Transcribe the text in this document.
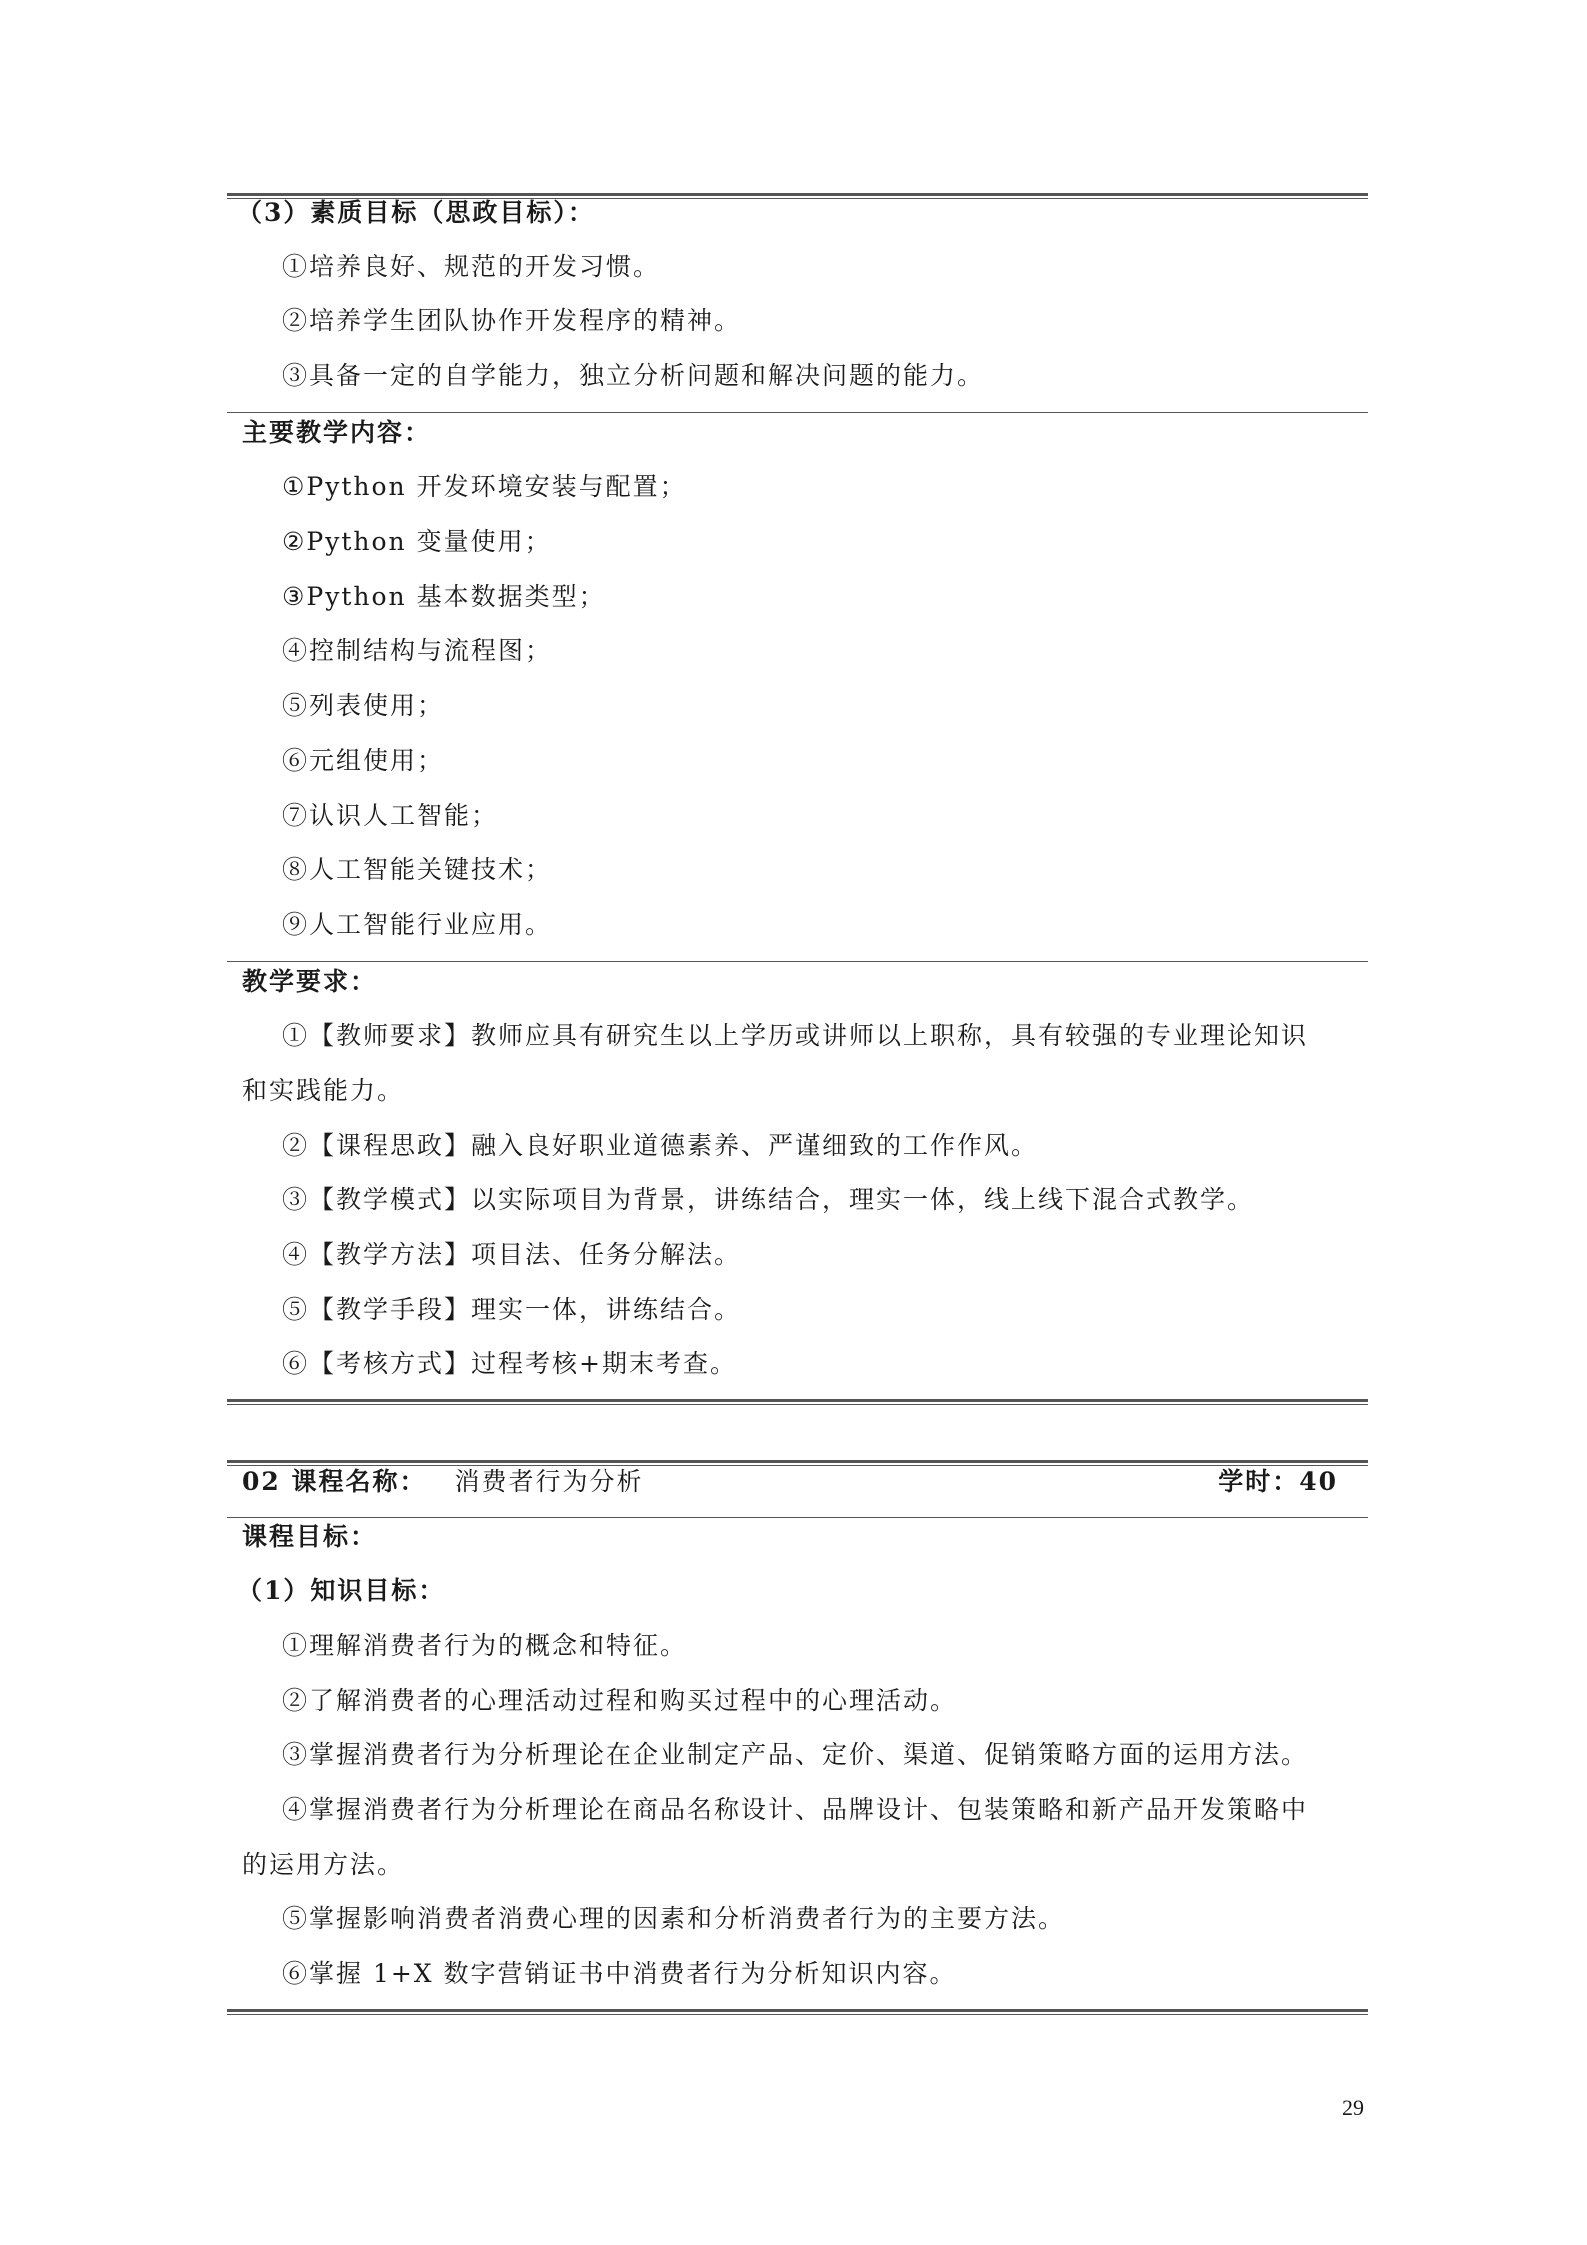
（3）素质目标（思政目标）：
①培养良好、规范的开发习惯。
②培养学生团队协作开发程序的精神。
③具备一定的自学能力，独立分析问题和解决问题的能力。
主要教学内容：
①Python 开发环境安装与配置；
②Python 变量使用；
③Python 基本数据类型；
④控制结构与流程图；
⑤列表使用；
⑥元组使用；
⑦认识人工智能；
⑧人工智能关键技术；
⑨人工智能行业应用。
教学要求：
①【教师要求】教师应具有研究生以上学历或讲师以上职称，具有较强的专业理论知识
和实践能力。
②【课程思政】融入良好职业道德素养、严谨细致的工作作风。
③【教学模式】以实际项目为背景，讲练结合，理实一体，线上线下混合式教学。
④【教学方法】项目法、任务分解法。
⑤【教学手段】理实一体，讲练结合。
⑥【考核方式】过程考核+期末考查。
02 课程名称： 消费者行为分析	学时：40
课程目标：
（1）知识目标：
①理解消费者行为的概念和特征。
②了解消费者的心理活动过程和购买过程中的心理活动。
③掌握消费者行为分析理论在企业制定产品、定价、渠道、促销策略方面的运用方法。
④掌握消费者行为分析理论在商品名称设计、品牌设计、包装策略和新产品开发策略中
的运用方法。
⑤掌握影响消费者消费心理的因素和分析消费者行为的主要方法。
⑥掌握 1+X 数字营销证书中消费者行为分析知识内容。
29
